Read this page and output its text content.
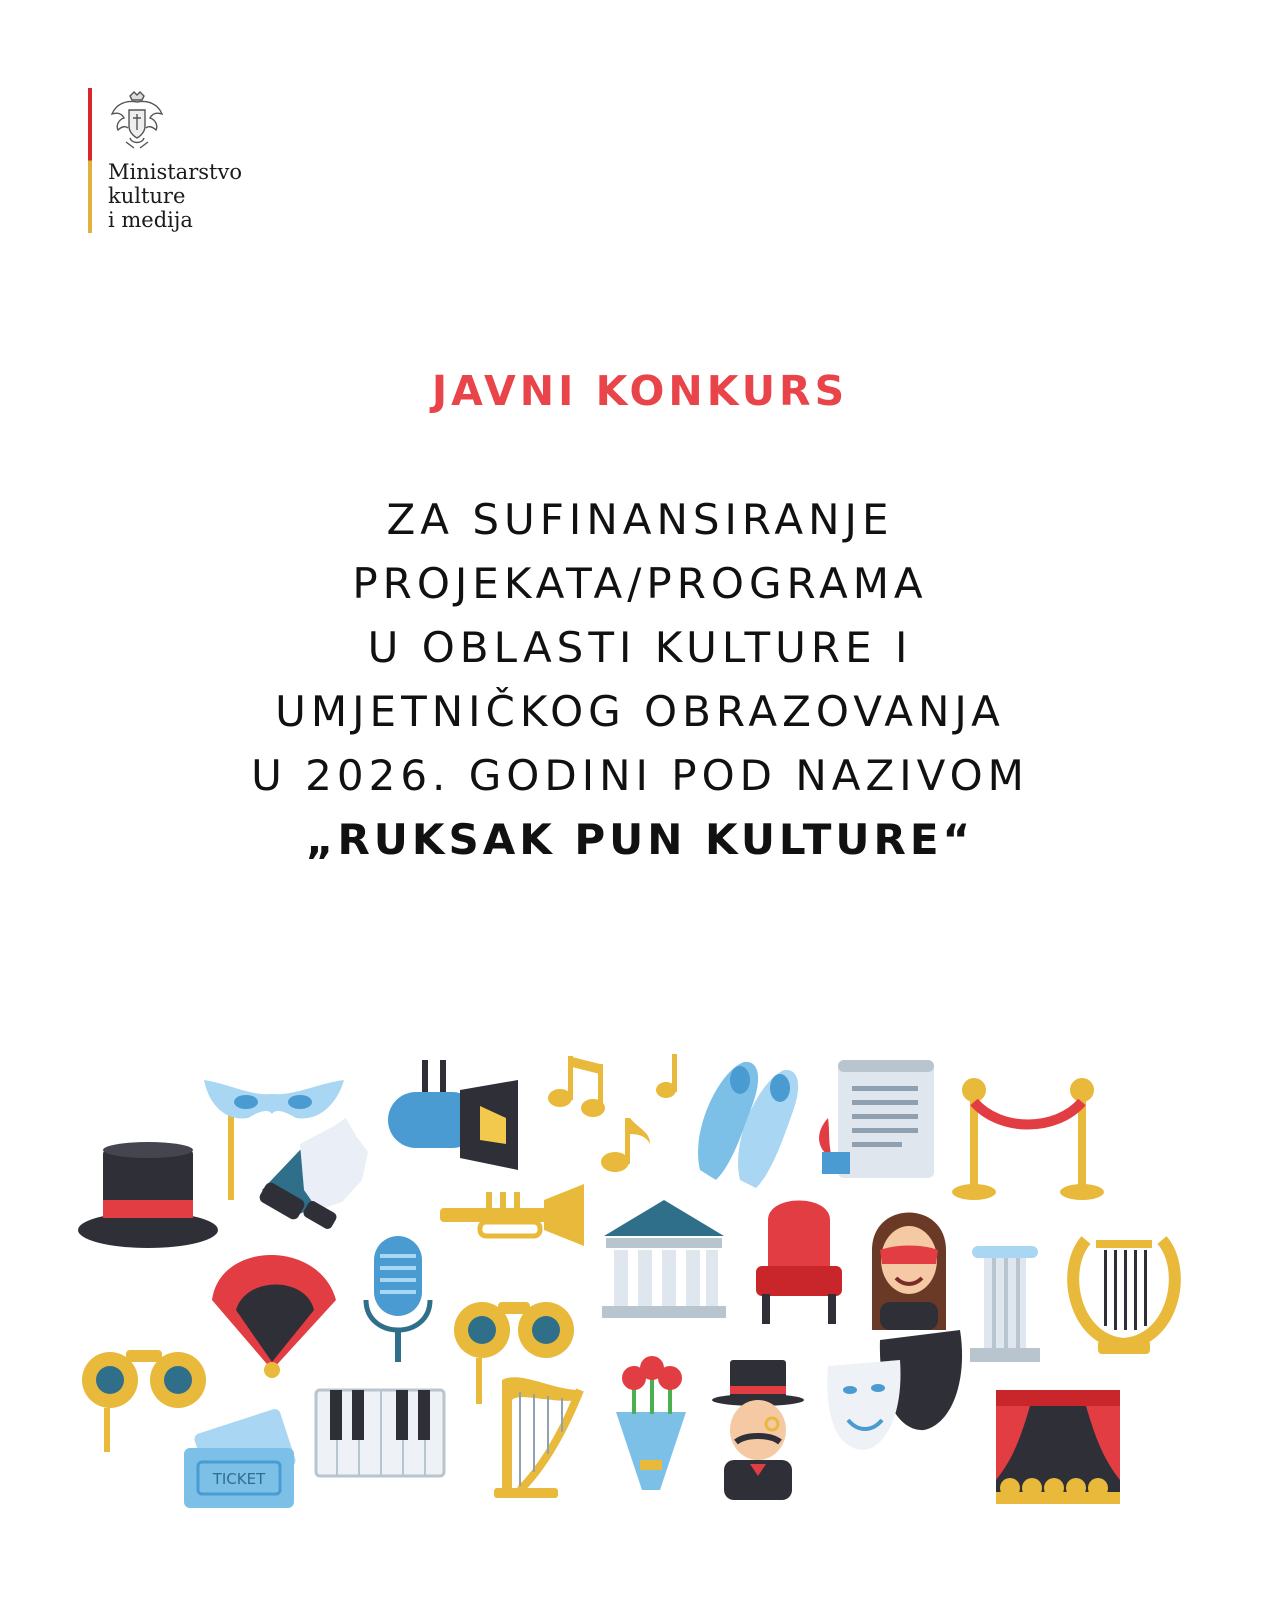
Ministarstvo
kulture
i medija
JAVNI KONKURS
ZA SUFINANSIRANJE
PROJEKATA/PROGRAMA
U OBLASTI KULTURE I
UMJETNIČKOG OBRAZOVANJA
U 2026. GODINI POD NAZIVOM
„RUKSAK PUN KULTURE“
TICKET
